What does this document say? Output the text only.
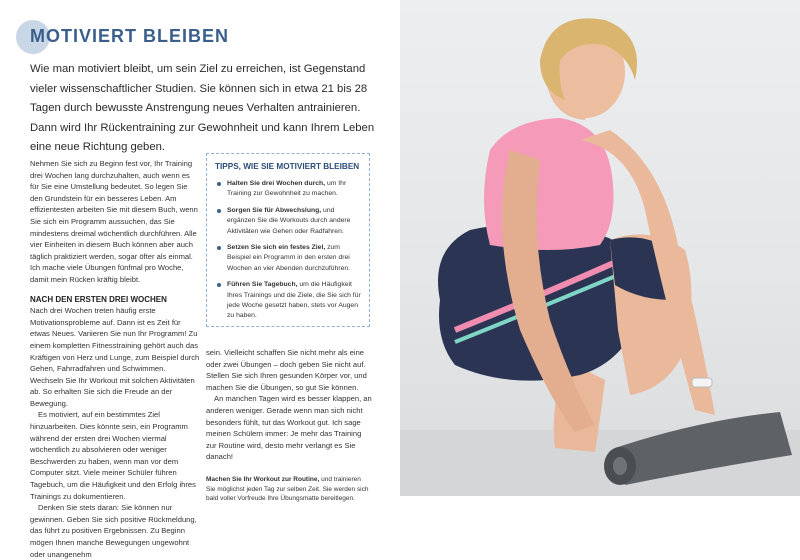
MOTIVIERT BLEIBEN
Wie man motiviert bleibt, um sein Ziel zu erreichen, ist Gegenstand vieler wissenschaftlicher Studien. Sie können sich in etwa 21 bis 28 Tagen durch bewusste Anstrengung neues Verhalten antrainieren. Dann wird Ihr Rückentraining zur Gewohnheit und kann Ihrem Leben eine neue Richtung geben.

Nehmen Sie sich zu Beginn fest vor, Ihr Training drei Wochen lang durchzuhalten, auch wenn es für Sie eine Umstellung bedeutet. So legen Sie den Grundstein für ein besseres Leben. Am effizientesten arbeiten Sie mit diesem Buch, wenn Sie sich ein Programm aussuchen, das Sie mindestens dreimal wöchentlich durchführen. Alle vier Einheiten in diesem Buch können aber auch täglich praktiziert werden, sogar öfter als einmal. Ich mache viele Übungen fünfmal pro Woche, damit mein Rücken kräftig bleibt.

NACH DEN ERSTEN DREI WOCHEN

Nach drei Wochen treten häufig erste Motivationsprobleme auf. Dann ist es Zeit für etwas Neues. Variieren Sie nun Ihr Programm! Zu einem kompletten Fitnesstraining gehört auch das Kräftigen von Herz und Lunge, zum Beispiel durch Gehen, Fahrradfahren und Schwimmen. Wechseln Sie Ihr Workout mit solchen Aktivitäten ab. So erhalten Sie sich die Freude an der Bewegung.

Es motiviert, auf ein bestimmtes Ziel hinzuarbeiten. Dies könnte sein, ein Programm während der ersten drei Wochen viermal wöchentlich zu absolvieren oder weniger Beschwerden zu haben, wenn man vor dem Computer sitzt. Viele meiner Schüler führen Tagebuch, um die Häufigkeit und den Erfolg ihres Trainings zu dokumentieren.

Denken Sie stets daran: Sie können nur gewinnen. Geben Sie sich positive Rückmeldung, das führt zu positiven Ergebnissen. Zu Beginn mögen Ihnen manche Bewegungen ungewohnt oder unangenehm

TIPPS, WIE SIE MOTIVIERT BLEIBEN
Halten Sie drei Wochen durch, um Ihr Training zur Gewohnheit zu machen.
Sorgen Sie für Abwechslung, und ergänzen Sie die Workouts durch andere Aktivitäten wie Gehen oder Radfahren.
Setzen Sie sich ein festes Ziel, zum Beispiel ein Programm in den ersten drei Wochen an vier Abenden durchzuführen.
Führen Sie Tagebuch, um die Häufigkeit Ihres Trainings und die Ziele, die Sie sich für jede Woche gesetzt haben, stets vor Augen zu haben.

sein. Vielleicht schaffen Sie nicht mehr als eine oder zwei Übungen – doch geben Sie nicht auf. Stellen Sie sich Ihren gesunden Körper vor, und machen Sie die Übungen, so gut Sie können.

An manchen Tagen wird es besser klappen, an anderen weniger. Gerade wenn man sich nicht besonders fühlt, tut das Workout gut. Ich sage meinen Schülern immer: Je mehr das Training zur Routine wird, desto mehr verlangt es Sie danach!

Machen Sie Ihr Workout zur Routine, und trainieren Sie möglichst jeden Tag zur selben Zeit. Sie werden sich bald voller Vorfreude Ihre Übungsmatte bereitlegen.
